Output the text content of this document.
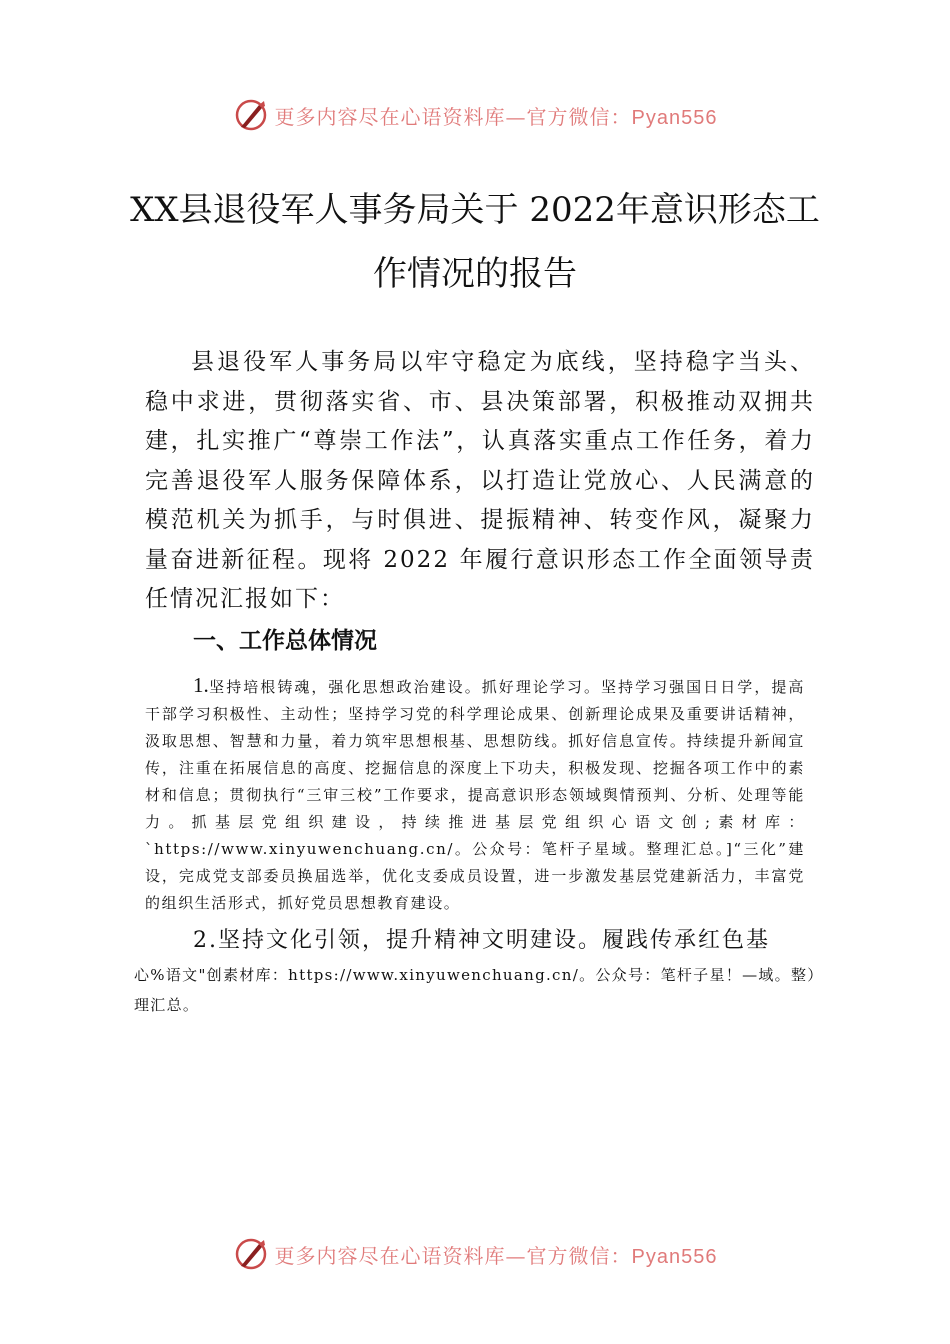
更多内容尽在心语资料库—官方微信：Pyan556
XX县退役军人事务局关于 2022年意识形态工作情况的报告

县退役军人事务局以牢守稳定为底线，坚持稳字当头、稳中求进，贯彻落实省、市、县决策部署，积极推动双拥共建，扎实推广“尊崇工作法”，认真落实重点工作任务，着力完善退役军人服务保障体系，以打造让党放心、人民满意的模范机关为抓手，与时俱进、提振精神、转变作风，凝聚力量奋进新征程。现将 2022 年履行意识形态工作全面领导责任情况汇报如下：

一、工作总体情况

1.坚持培根铸魂，强化思想政治建设。抓好理论学习。坚持学习强国日日学，提高干部学习积极性、主动性；坚持学习党的科学理论成果、创新理论成果及重要讲话精神，汲取思想、智慧和力量，着力筑牢思想根基、思想防线。抓好信息宣传。持续提升新闻宣传，注重在拓展信息的高度、挖掘信息的深度上下功夫，积极发现、挖掘各项工作中的素材和信息；贯彻执行“三审三校”工作要求，提高意识形态领域舆情预判、分析、处理等能力。抓基层党组织建设，持续推进基层党组织心语文创;素材库：`https://www.xinyuwenchuang.cn/。公众号：笔杆子星域。整理汇总。]“三化”建设，完成党支部委员换届选举，优化支委成员设置，进一步激发基层党建新活力，丰富党的组织生活形式，抓好党员思想教育建设。

2.坚持文化引领，提升精神文明建设。履践传承红色基

心%语文"创素材库：https://www.xinyuwenchuang.cn/。公众号：笔杆子星！—域。整）理汇总。

更多内容尽在心语资料库—官方微信：Pyan556
